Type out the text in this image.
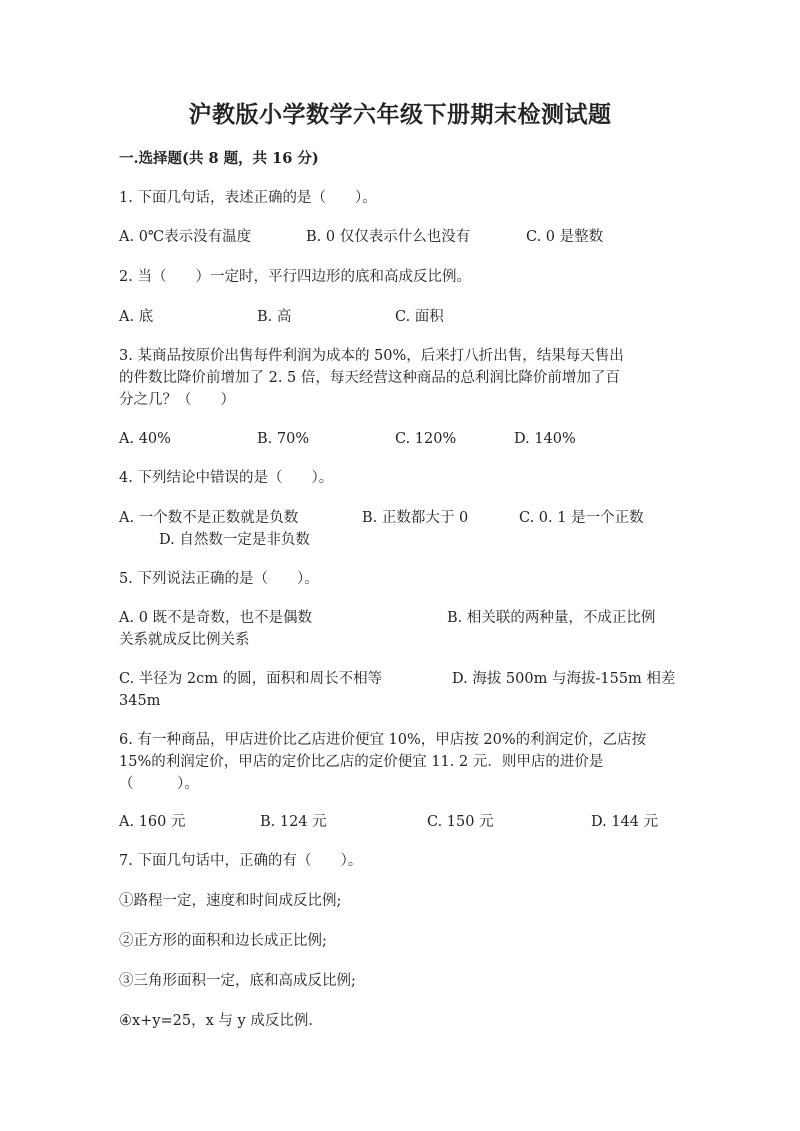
沪教版小学数学六年级下册期末检测试题
一.选择题(共 8 题，共 16 分)
1. 下面几句话，表述正确的是（　　）。
A. 0℃表示没有温度	B. 0 仅仅表示什么也没有	C. 0 是整数
2. 当（　　）一定时，平行四边形的底和高成反比例。
A. 底	B. 高	C. 面积
3. 某商品按原价出售每件利润为成本的 50%，后来打八折出售，结果每天售出
的件数比降价前增加了 2. 5 倍，每天经营这种商品的总利润比降价前增加了百
分之几？（　　）
A. 40%	B. 70%	C. 120%	D. 140%
4. 下列结论中错误的是（　　）。
A. 一个数不是正数就是负数	B. 正数都大于 0	C. 0. 1 是一个正数
D. 自然数一定是非负数
5. 下列说法正确的是（　　）。
A. 0 既不是奇数，也不是偶数	B. 相关联的两种量，不成正比例
关系就成反比例关系
C. 半径为 2cm 的圆，面积和周长不相等	D. 海拔 500m 与海拔-155m 相差
345m
6. 有一种商品，甲店进价比乙店进价便宜 10%，甲店按 20%的利润定价，乙店按
15%的利润定价，甲店的定价比乙店的定价便宜 11. 2 元．则甲店的进价是
（　　　）。
A. 160 元	B. 124 元	C. 150 元	D. 144 元
7. 下面几句话中，正确的有（　　）。
①路程一定，速度和时间成反比例;
②正方形的面积和边长成正比例;
③三角形面积一定，底和高成反比例;
④x+y=25，x 与 y 成反比例.
